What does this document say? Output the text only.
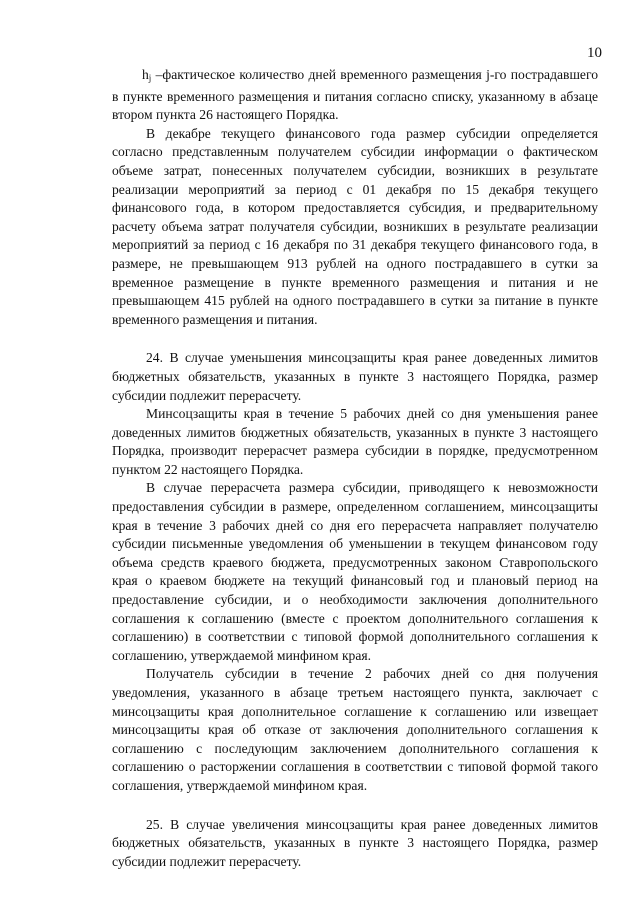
10

$h_j$ –фактическое количество дней временного размещения j-го пострадавшего в пункте временного размещения и питания согласно списку, указанному в абзаце втором пункта 26 настоящего Порядка.

В декабре текущего финансового года размер субсидии определяется согласно представленным получателем субсидии информации о фактическом объеме затрат, понесенных получателем субсидии, возникших в результате реализации мероприятий за период с 01 декабря по 15 декабря текущего финансового года, в котором предоставляется субсидия, и предварительному расчету объема затрат получателя субсидии, возникших в результате реализации мероприятий за период с 16 декабря по 31 декабря текущего финансового года, в размере, не превышающем 913 рублей на одного пострадавшего в сутки за временное размещение в пункте временного размещения и питания и не превышающем 415 рублей на одного пострадавшего в сутки за питание в пункте временного размещения и питания.

24. В случае уменьшения минсоцзащиты края ранее доведенных лимитов бюджетных обязательств, указанных в пункте 3 настоящего Порядка, размер субсидии подлежит перерасчету.

Минсоцзащиты края в течение 5 рабочих дней со дня уменьшения ранее доведенных лимитов бюджетных обязательств, указанных в пункте 3 настоящего Порядка, производит перерасчет размера субсидии в порядке, предусмотренном пунктом 22 настоящего Порядка.

В случае перерасчета размера субсидии, приводящего к невозможности предоставления субсидии в размере, определенном соглашением, минсоцзащиты края в течение 3 рабочих дней со дня его перерасчета направляет получателю субсидии письменные уведомления об уменьшении в текущем финансовом году объема средств краевого бюджета, предусмотренных законом Ставропольского края о краевом бюджете на текущий финансовый год и плановый период на предоставление субсидии, и о необходимости заключения дополнительного соглашения к соглашению (вместе с проектом дополнительного соглашения к соглашению) в соответствии с типовой формой дополнительного соглашения к соглашению, утверждаемой минфином края.

Получатель субсидии в течение 2 рабочих дней со дня получения уведомления, указанного в абзаце третьем настоящего пункта, заключает с минсоцзащиты края дополнительное соглашение к соглашению или извещает минсоцзащиты края об отказе от заключения дополнительного соглашения к соглашению с последующим заключением дополнительного соглашения к соглашению о расторжении соглашения в соответствии с типовой формой такого соглашения, утверждаемой минфином края.

25. В случае увеличения минсоцзащиты края ранее доведенных лимитов бюджетных обязательств, указанных в пункте 3 настоящего Порядка, размер субсидии подлежит перерасчету.
